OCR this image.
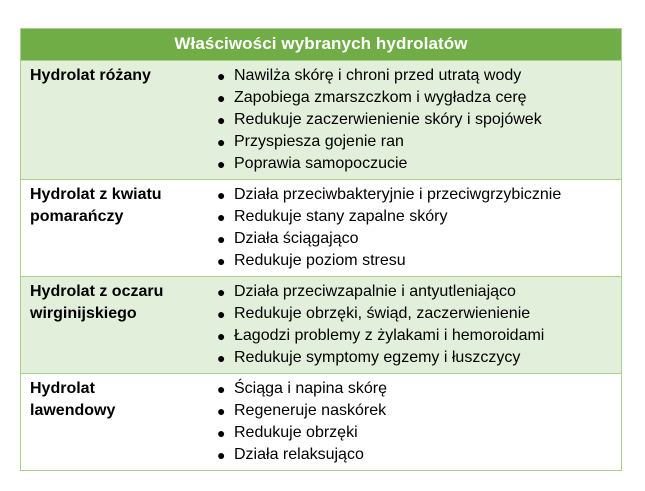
Właściwości wybranych hydrolatów
Hydrolat różany	● Nawilża skórę i chroni przed utratą wody
● Zapobiega zmarszczkom i wygładza cerę
● Redukuje zaczerwienienie skóry i spojówek
● Przyspiesza gojenie ran
● Poprawia samopoczucie
Hydrolat z kwiatu pomarańczy
● Działa przeciwbakteryjnie i przeciwgrzybicznie
● Redukuje stany zapalne skóry
● Działa ściągająco
● Redukuje poziom stresu
Hydrolat z oczaru wirginijskiego
● Działa przeciwzapalnie i antyutleniająco
● Redukuje obrzęki, świąd, zaczerwienienie
● Łagodzi problemy z żylakami i hemoroidami
● Redukuje symptomy egzemy i łuszczycy
Hydrolat lawendowy
● Ściąga i napina skórę
● Regeneruje naskórek
● Redukuje obrzęki
● Działa relaksująco
